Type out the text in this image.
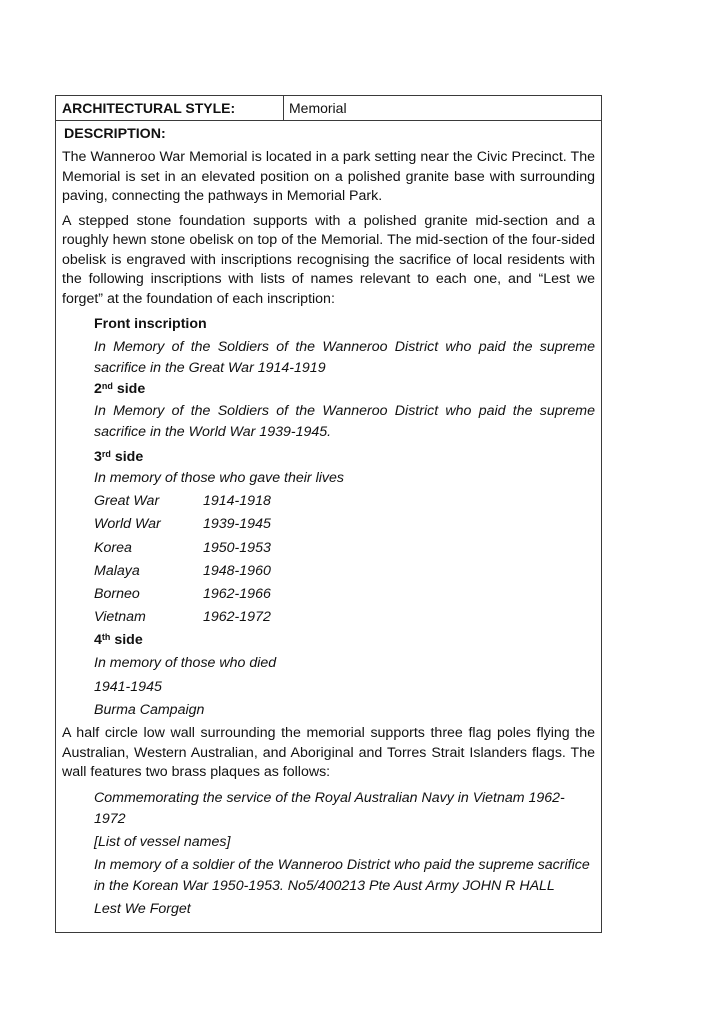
ARCHITECTURAL STYLE:	Memorial
DESCRIPTION:

The Wanneroo War Memorial is located in a park setting near the Civic Precinct. The Memorial is set in an elevated position on a polished granite base with surrounding paving, connecting the pathways in Memorial Park.

A stepped stone foundation supports with a polished granite mid-section and a roughly hewn stone obelisk on top of the Memorial. The mid-section of the four-sided obelisk is engraved with inscriptions recognising the sacrifice of local residents with the following inscriptions with lists of names relevant to each one, and “Lest we forget” at the foundation of each inscription:

Front inscription

In Memory of the Soldiers of the Wanneroo District who paid the supreme sacrifice in the Great War 1914-1919

2nd side

In Memory of the Soldiers of the Wanneroo District who paid the supreme sacrifice in the World War 1939-1945.

3rd side
In memory of those who gave their lives
Great War	1914-1918
World War	1939-1945
Korea	1950-1953
Malaya	1948-1960
Borneo	1962-1966
Vietnam	1962-1972
4th side
In memory of those who died
1941-1945
Burma Campaign

A half circle low wall surrounding the memorial supports three flag poles flying the Australian, Western Australian, and Aboriginal and Torres Strait Islanders flags. The wall features two brass plaques as follows:

Commemorating the service of the Royal Australian Navy in Vietnam 1962- 1972

[List of vessel names]

In memory of a soldier of the Wanneroo District who paid the supreme sacrifice in the Korean War 1950-1953. No5/400213 Pte Aust Army JOHN R HALL

Lest We Forget
